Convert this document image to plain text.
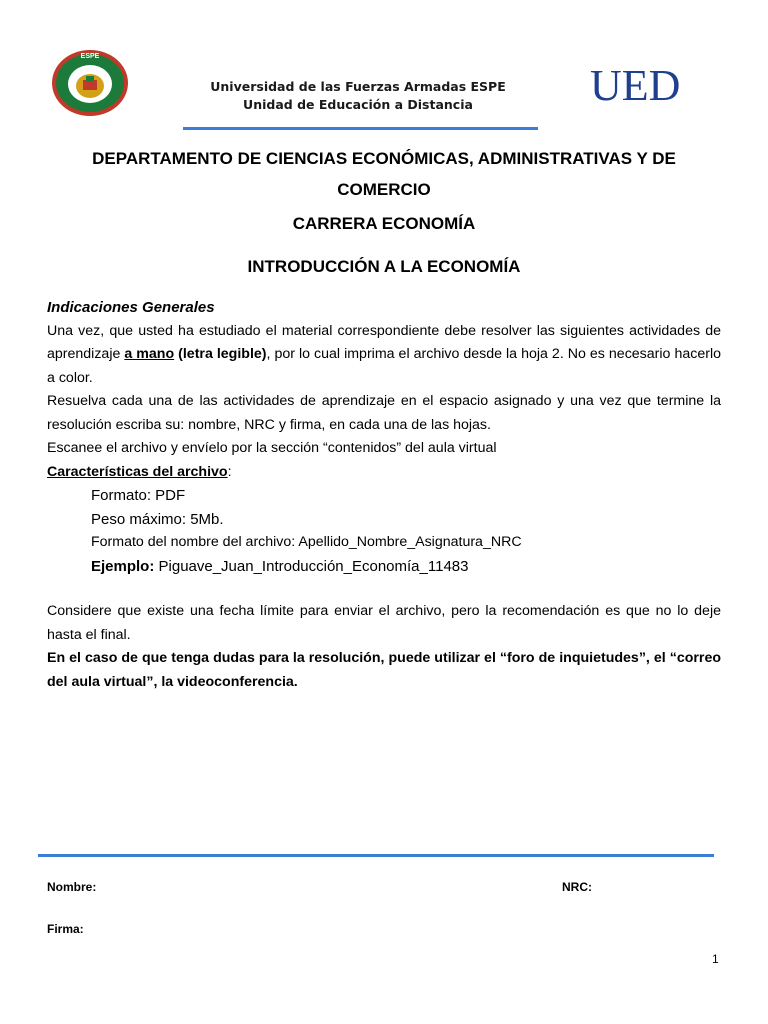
ESPE
Universidad de las Fuerzas Armadas ESPE
Unidad de Educación a Distancia	UED
DEPARTAMENTO DE CIENCIAS ECONÓMICAS, ADMINISTRATIVAS Y DE COMERCIO
CARRERA ECONOMÍA
INTRODUCCIÓN A LA ECONOMÍA
Indicaciones Generales

Una vez, que usted ha estudiado el material correspondiente debe resolver las siguientes actividades de aprendizaje a mano (letra legible), por lo cual imprima el archivo desde la hoja 2. No es necesario hacerlo a color.

Resuelva cada una de las actividades de aprendizaje en el espacio asignado y una vez que termine la resolución escriba su: nombre, NRC y firma, en cada una de las hojas.

Escanee el archivo y envíelo por la sección “contenidos” del aula virtual

Características del archivo:

Formato: PDF

Peso máximo: 5Mb.

Formato del nombre del archivo: Apellido_Nombre_Asignatura_NRC

Ejemplo: Piguave_Juan_Introducción_Economía_11483

Considere que existe una fecha límite para enviar el archivo, pero la recomendación es que no lo deje hasta el final.

En el caso de que tenga dudas para la resolución, puede utilizar el “foro de inquietudes”, el “correo del aula virtual”, la videoconferencia.

Nombre:	NRC:
Firma:
1
